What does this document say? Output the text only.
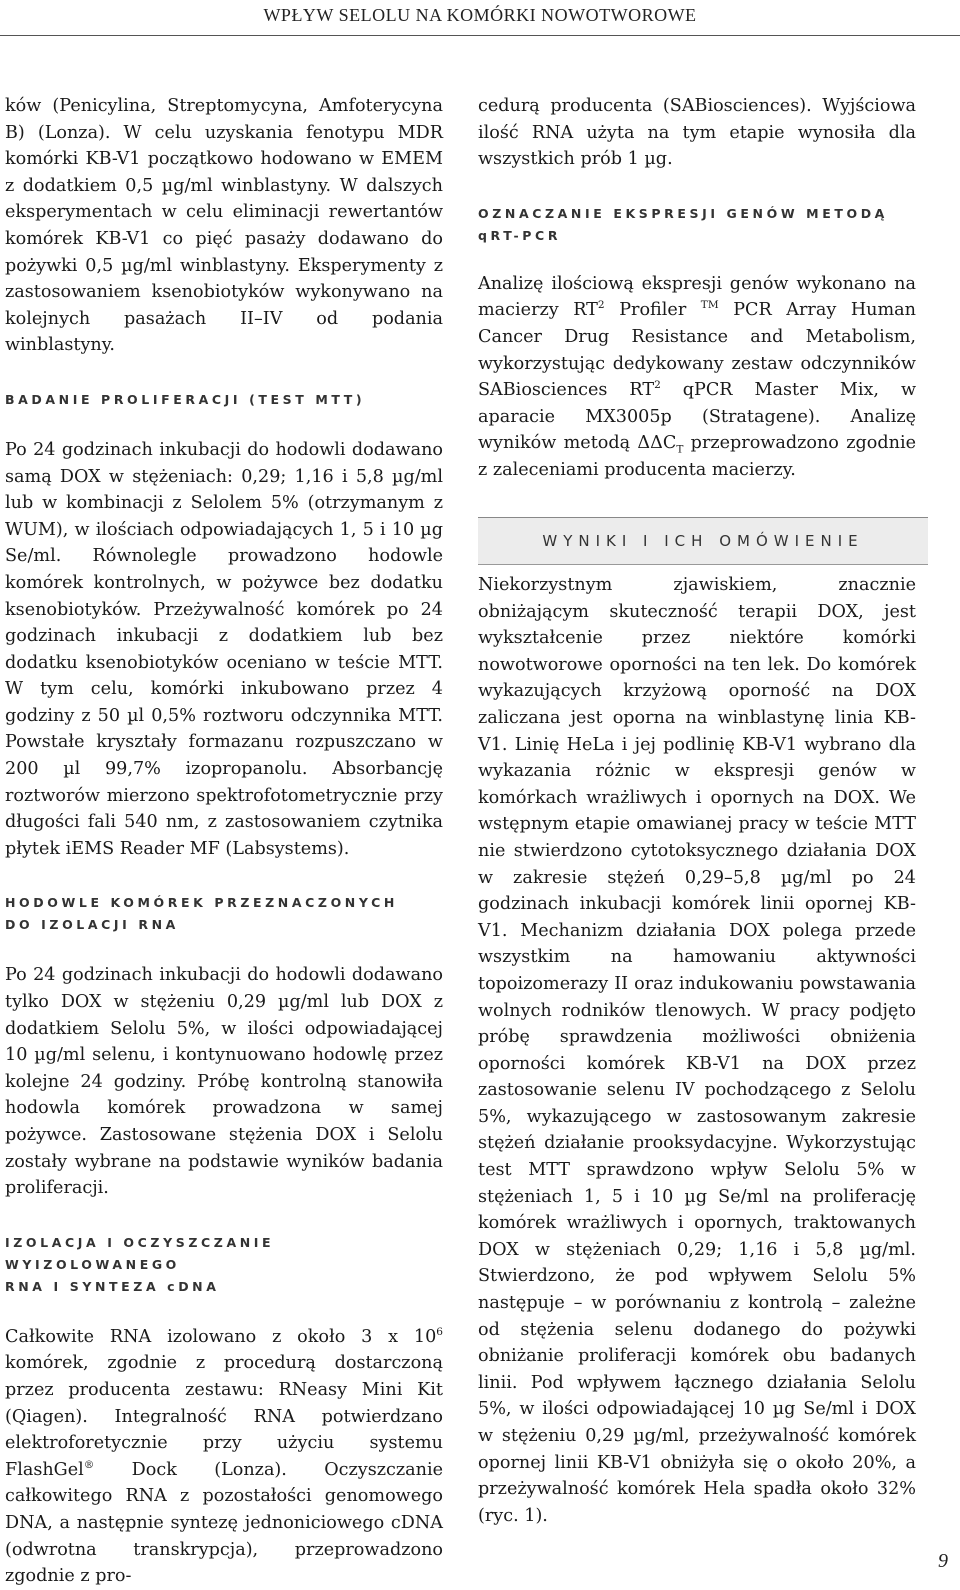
WPŁYW SELOLU NA KOMÓRKI NOWOTWOROWE

ków (Penicylina, Streptomycyna, Amfoterycyna B) (Lonza). W celu uzyskania fenotypu MDR komórki KB-V1 początkowo hodowano w EMEM z dodatkiem 0,5 µg/ml winblastyny. W dalszych eksperymentach w celu eliminacji rewertantów komórek KB-V1 co pięć pasaży dodawano do pożywki 0,5 µg/ml winblastyny. Eksperymenty z zastosowaniem ksenobiotyków wykonywano na kolejnych pasażach II–IV od podania winblastyny.

BADANIE PROLIFERACJI (TEST MTT)

Po 24 godzinach inkubacji do hodowli dodawano samą DOX w stężeniach: 0,29; 1,16 i 5,8 µg/ml lub w kombinacji z Selolem 5% (otrzymanym z WUM), w ilościach odpowiadających 1, 5 i 10 µg Se/ml. Równolegle prowadzono hodowle komórek kontrolnych, w pożywce bez dodatku ksenobiotyków. Przeżywalność komórek po 24 godzinach inkubacji z dodatkiem lub bez dodatku ksenobiotyków oceniano w teście MTT. W tym celu, komórki inkubowano przez 4 godziny z 50 µl 0,5% roztworu odczynnika MTT. Powstałe kryształy formazanu rozpuszczano w 200 µl 99,7% izopropanolu. Absorbancję roztworów mierzono spektrofotometrycznie przy długości fali 540 nm, z zastosowaniem czytnika płytek iEMS Reader MF (Labsystems).

HODOWLE KOMÓREK PRZEZNACZONYCH

DO IZOLACJI RNA

Po 24 godzinach inkubacji do hodowli dodawano tylko DOX w stężeniu 0,29 µg/ml lub DOX z dodatkiem Selolu 5%, w ilości odpowiadającej 10 µg/ml selenu, i kontynuowano hodowlę przez kolejne 24 godziny. Próbę kontrolną stanowiła hodowla komórek prowadzona w samej pożywce. Zastosowane stężenia DOX i Selolu zostały wybrane na podstawie wyników badania proliferacji.

IZOLACJA I OCZYSZCZANIE WYIZOLOWANEGO

RNA I SYNTEZA cDNA

Całkowite RNA izolowano z około 3 x $10^6$ komórek, zgodnie z procedurą dostarczoną przez producenta zestawu: RNeasy Mini Kit (Qiagen). Integralność RNA potwierdzano elektroforetycznie przy użyciu systemu FlashGel® Dock (Lonza). Oczyszczanie całkowitego RNA z pozostałości genomowego DNA, a następnie syntezę jednoniciowego cDNA (odwrotna transkrypcja), przeprowadzono zgodnie z pro-

cedurą producenta (SABiosciences). Wyjściowa ilość RNA użyta na tym etapie wynosiła dla wszystkich prób 1 µg.

OZNACZANIE EKSPRESJI GENÓW METODĄ qRT-PCR

Analizę ilościową ekspresji genów wykonano na macierzy $RT^2$ Profiler ™ PCR Array Human Cancer Drug Resistance and Metabolism, wykorzystując dedykowany zestaw odczynników SABiosciences $RT^2$ qPCR Master Mix, w aparacie MX3005p (Stratagene). Analizę wyników metodą $\Delta\Delta C_T$ przeprowadzono zgodnie z zaleceniami producenta macierzy.

WYNIKI I ICH OMÓWIENIE

Niekorzystnym zjawiskiem, znacznie obniżającym skuteczność terapii DOX, jest wykształcenie przez niektóre komórki nowotworowe oporności na ten lek. Do komórek wykazujących krzyżową oporność na DOX zaliczana jest oporna na winblastynę linia KB-V1. Linię HeLa i jej podlinię KB-V1 wybrano dla wykazania różnic w ekspresji genów w komórkach wrażliwych i opornych na DOX. We wstępnym etapie omawianej pracy w teście MTT nie stwierdzono cytotoksycznego działania DOX w zakresie stężeń 0,29–5,8 µg/ml po 24 godzinach inkubacji komórek linii opornej KB-V1. Mechanizm działania DOX polega przede wszystkim na hamowaniu aktywności topoizomerazy II oraz indukowaniu powstawania wolnych rodników tlenowych. W pracy podjęto próbę sprawdzenia możliwości obniżenia oporności komórek KB-V1 na DOX przez zastosowanie selenu IV pochodzącego z Selolu 5%, wykazującego w zastosowanym zakresie stężeń działanie prooksydacyjne. Wykorzystując test MTT sprawdzono wpływ Selolu 5% w stężeniach 1, 5 i 10 µg Se/ml na proliferację komórek wrażliwych i opornych, traktowanych DOX w stężeniach 0,29; 1,16 i 5,8 µg/ml. Stwierdzono, że pod wpływem Selolu 5% następuje – w porównaniu z kontrolą – zależne od stężenia selenu dodanego do pożywki obniżanie proliferacji komórek obu badanych linii. Pod wpływem łącznego działania Selolu 5%, w ilości odpowiadającej 10 µg Se/ml i DOX w stężeniu 0,29 µg/ml, przeżywalność komórek opornej linii KB-V1 obniżyła się o około 20%, a przeżywalność komórek Hela spadła około 32% (ryc. 1).

9
